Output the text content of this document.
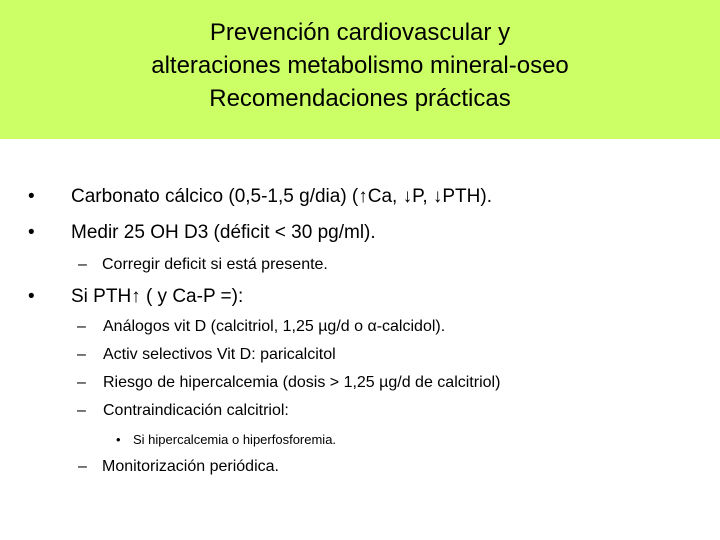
Prevención cardiovascular y
alteraciones metabolismo mineral-oseo
Recomendaciones prácticas
•	Carbonato cálcico (0,5-1,5 g/dia) (↑Ca, ↓P, ↓PTH).
•	Medir 25 OH D3 (déficit < 30 pg/ml).
– Corregir deficit si está presente.
•	Si PTH↑ ( y Ca-P =):
– Análogos vit D (calcitriol, 1,25 µg/d o α-calcidol).
– Activ selectivos Vit D: paricalcitol
– Riesgo de hipercalcemia (dosis > 1,25 µg/d de calcitriol)
– Contraindicación calcitriol:
• Si hipercalcemia o hiperfosforemia.
– Monitorización periódica.
